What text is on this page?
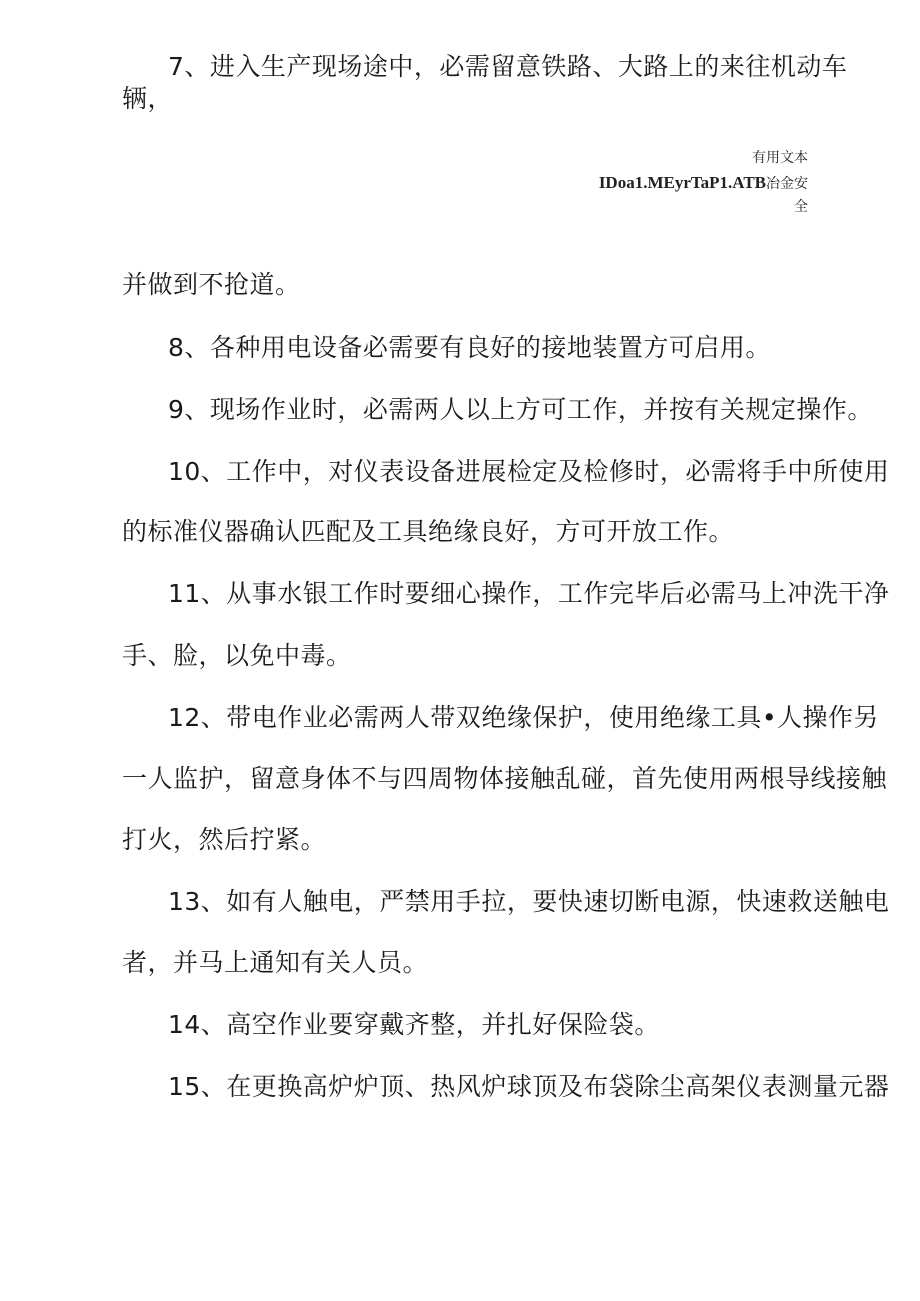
7、进入生产现场途中，必需留意铁路、大路上的来往机动车
辆，
有用文本
IDoa1.MEyrTaP1.ATB冶金安
全
并做到不抢道。
8、各种用电设备必需要有良好的接地装置方可启用。
9、现场作业时，必需两人以上方可工作，并按有关规定操作。
10、工作中，对仪表设备进展检定及检修时，必需将手中所使用
的标准仪器确认匹配及工具绝缘良好，方可开放工作。
11、从事水银工作时要细心操作，工作完毕后必需马上冲洗干净
手、脸，以免中毒。
12、带电作业必需两人带双绝缘保护，使用绝缘工具•人操作另
一人监护，留意身体不与四周物体接触乱碰，首先使用两根导线接触
打火，然后拧紧。
13、如有人触电，严禁用手拉，要快速切断电源，快速救送触电
者，并马上通知有关人员。
14、高空作业要穿戴齐整，并扎好保险袋。
15、在更换高炉炉顶、热风炉球顶及布袋除尘高架仪表测量元器
